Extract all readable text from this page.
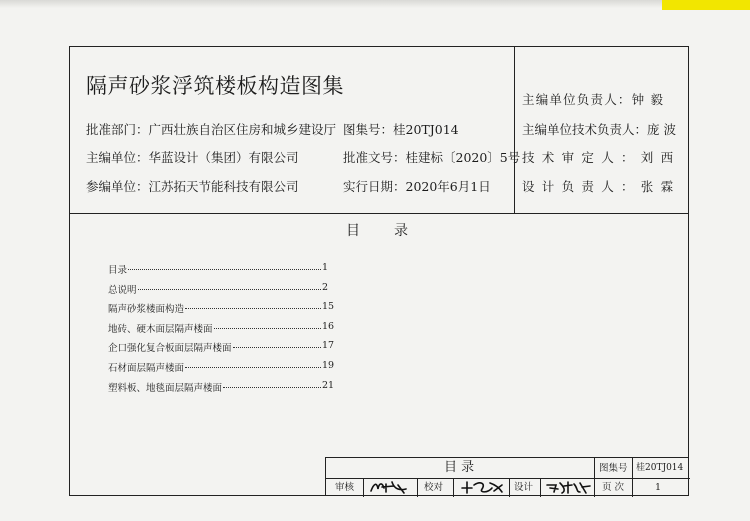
隔声砂浆浮筑楼板构造图集
批准部门：广西壮族自治区住房和城乡建设厅 图集号：桂20TJ014
主编单位：华蓝设计（集团）有限公司	批准文号：桂建标〔2020〕5号
参编单位：江苏拓天节能科技有限公司	实行日期：2020年6月1日
主编单位负责人：钟 毅
主编单位技术负责人：庞 波
技术审定人：刘西
设计负责人：张霖
目 录
目录	1
总说明	2
隔声砂浆楼面构造	15
地砖、硬木面层隔声楼面	16
企口强化复合板面层隔声楼面	17
石材面层隔声楼面	19
塑料板、地毯面层隔声楼面	21
目 录	图集号 桂20TJ014
审核	校对	设计	页 次	1
